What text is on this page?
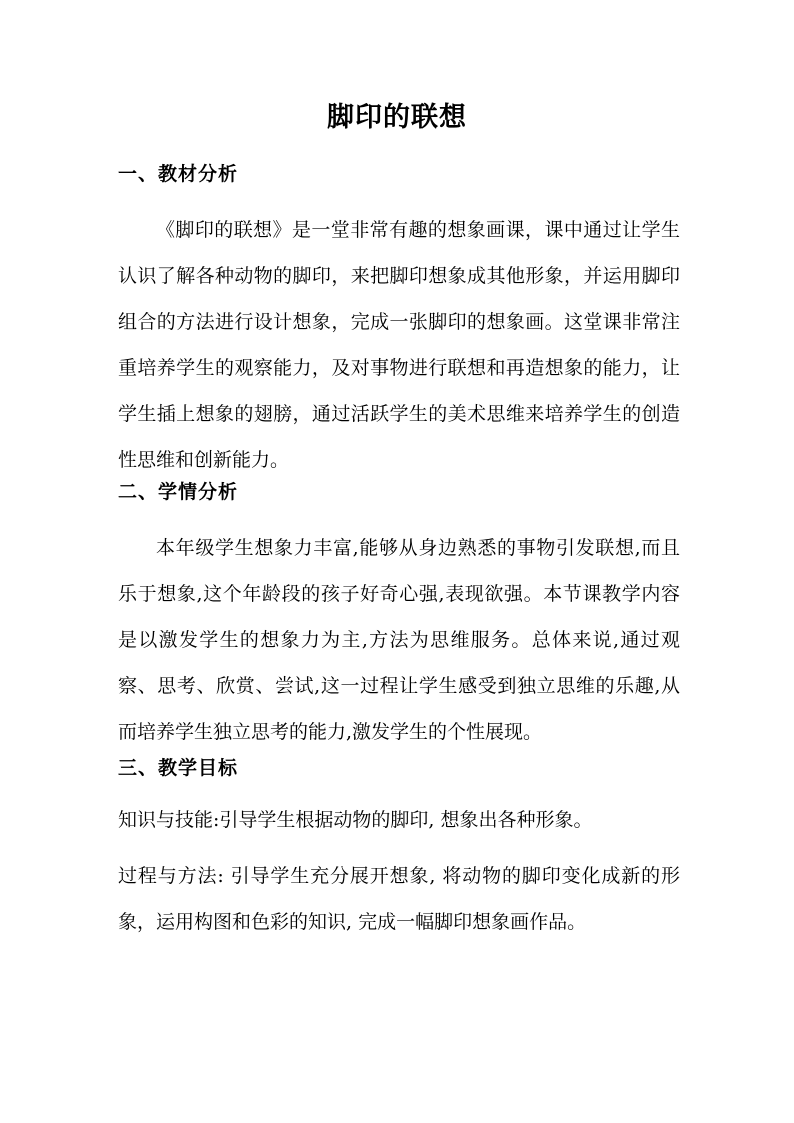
脚印的联想
一、教材分析

《脚印的联想》是一堂非常有趣的想象画课，课中通过让学生认识了解各种动物的脚印，来把脚印想象成其他形象，并运用脚印组合的方法进行设计想象，完成一张脚印的想象画。这堂课非常注重培养学生的观察能力，及对事物进行联想和再造想象的能力，让学生插上想象的翅膀，通过活跃学生的美术思维来培养学生的创造性思维和创新能力。

二、学情分析

本年级学生想象力丰富,能够从身边熟悉的事物引发联想,而且乐于想象,这个年龄段的孩子好奇心强,表现欲强。本节课教学内容是以激发学生的想象力为主,方法为思维服务。总体来说,通过观察、思考、欣赏、尝试,这一过程让学生感受到独立思维的乐趣,从而培养学生独立思考的能力,激发学生的个性展现。

三、教学目标

知识与技能:引导学生根据动物的脚印, 想象出各种形象。

过程与方法: 引导学生充分展开想象, 将动物的脚印变化成新的形象，运用构图和色彩的知识, 完成一幅脚印想象画作品。
